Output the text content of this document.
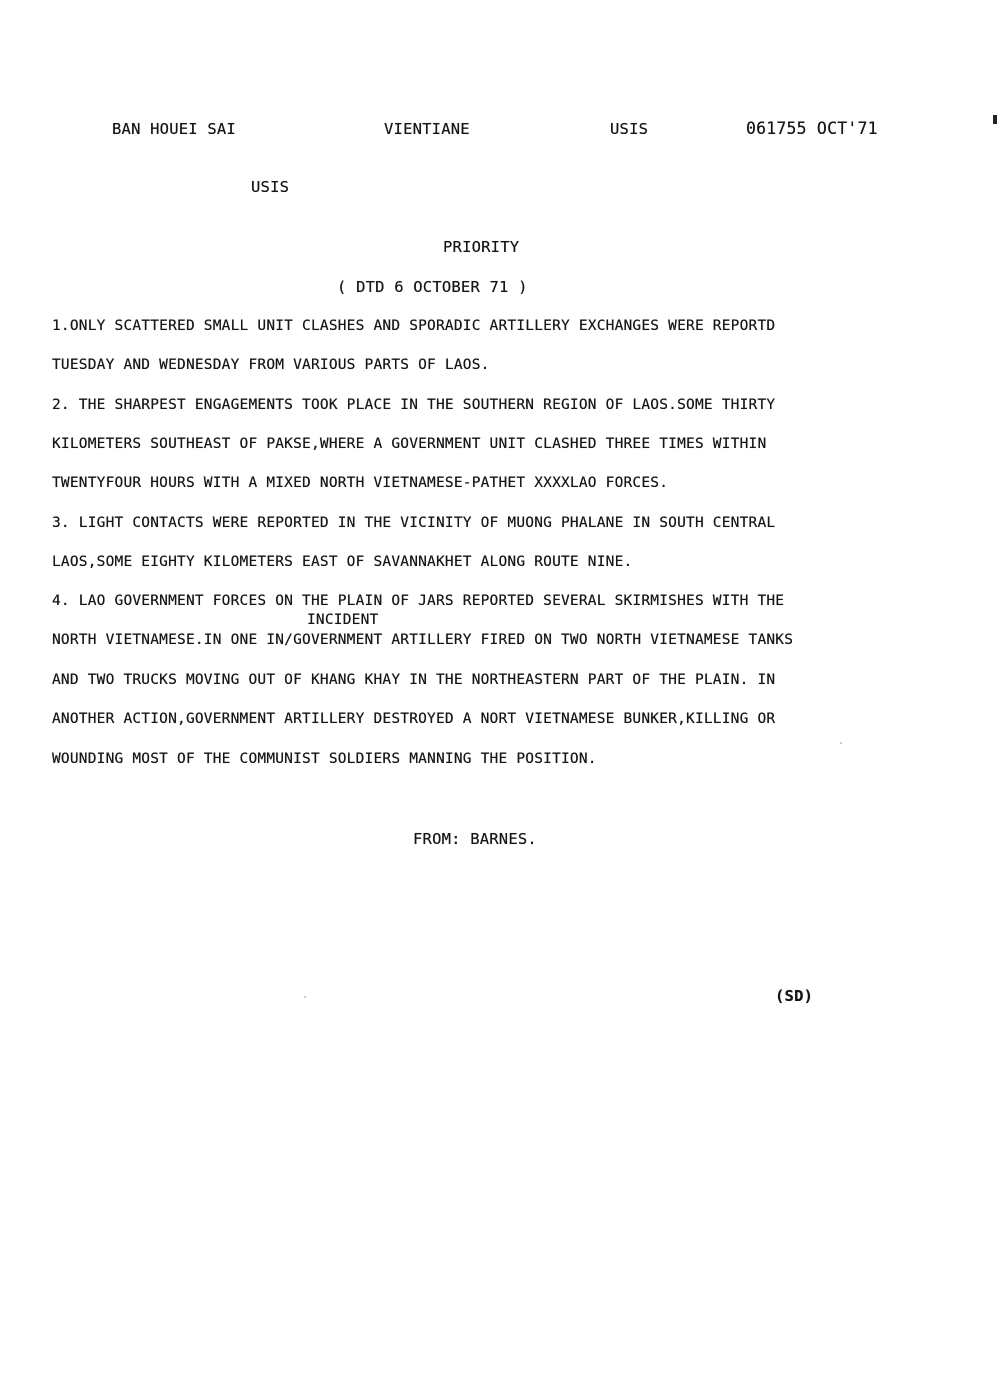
BAN HOUEI SAI	VIENTIANE	USIS	061755 OCT'71
USIS
PRIORITY
( DTD 6 OCTOBER 71 )
1.ONLY SCATTERED SMALL UNIT CLASHES AND SPORADIC ARTILLERY EXCHANGES WERE REPORTD
TUESDAY AND WEDNESDAY FROM VARIOUS PARTS OF LAOS.
2. THE SHARPEST ENGAGEMENTS TOOK PLACE IN THE SOUTHERN REGION OF LAOS.SOME THIRTY
KILOMETERS SOUTHEAST OF PAKSE,WHERE A GOVERNMENT UNIT CLASHED THREE TIMES WITHIN
TWENTYFOUR HOURS WITH A MIXED NORTH VIETNAMESE-PATHET XXXXLAO FORCES.
3. LIGHT CONTACTS WERE REPORTED IN THE VICINITY OF MUONG PHALANE IN SOUTH CENTRAL
LAOS,SOME EIGHTY KILOMETERS EAST OF SAVANNAKHET ALONG ROUTE NINE.
4. LAO GOVERNMENT FORCES ON THE PLAIN OF JARS REPORTED SEVERAL SKIRMISHES WITH THE
INCIDENT
NORTH VIETNAMESE.IN ONE IN/GOVERNMENT ARTILLERY FIRED ON TWO NORTH VIETNAMESE TANKS
AND TWO TRUCKS MOVING OUT OF KHANG KHAY IN THE NORTHEASTERN PART OF THE PLAIN. IN
ANOTHER ACTION,GOVERNMENT ARTILLERY DESTROYED A NORT VIETNAMESE BUNKER,KILLING OR
WOUNDING MOST OF THE COMMUNIST SOLDIERS MANNING THE POSITION.
FROM: BARNES.
(SD)
